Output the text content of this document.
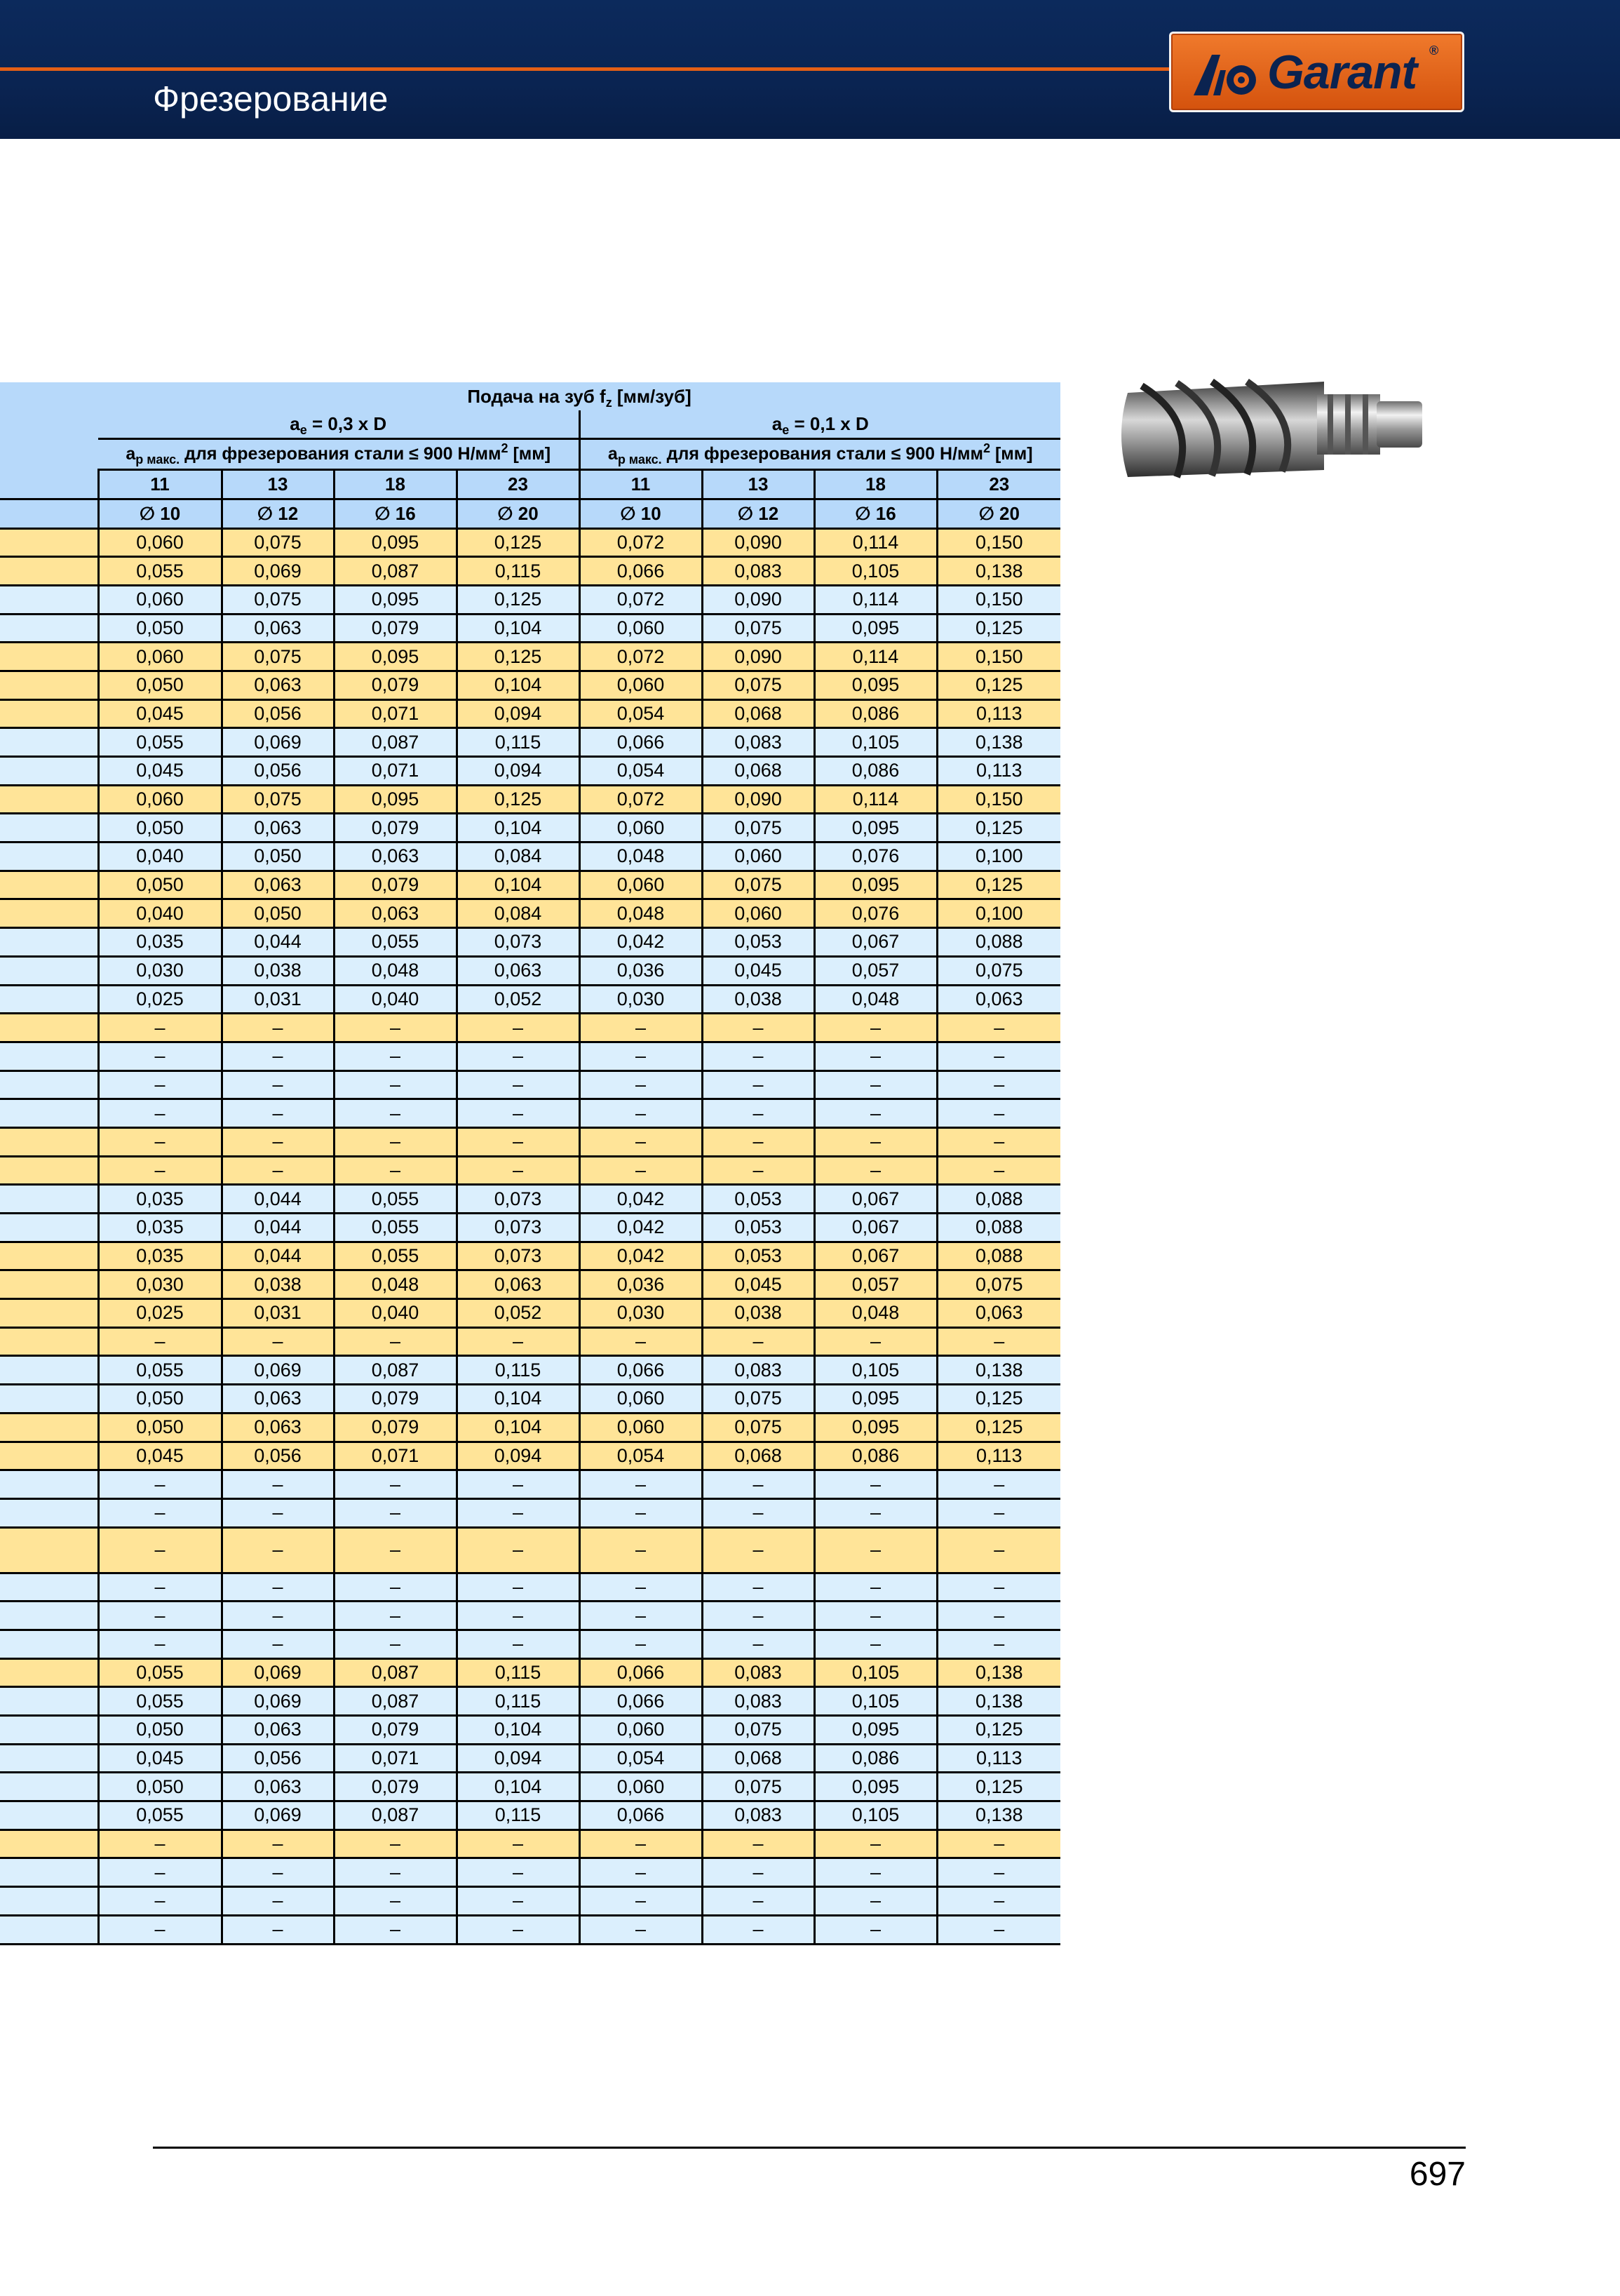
Фрезерование	Garant ®
	Подача на зуб $f_z$ [мм/зуб]							
	$a_e = 0,3$ x D				$a_e = 0,1$ x D			
	$a_{p макс.}$ для фрезерования стали ≤ 900 $Н/мм^2$ [мм]				$a_{p макс.}$ для фрезерования стали ≤ 900 $Н/мм^2$ [мм]			
	11	13	18	23	11	13	18	23
	∅ 10	∅ 12	∅ 16	∅ 20	∅ 10	∅ 12	∅ 16	∅ 20
	0,060	0,075	0,095	0,125	0,072	0,090	0,114	0,150
	0,055	0,069	0,087	0,115	0,066	0,083	0,105	0,138
	0,060	0,075	0,095	0,125	0,072	0,090	0,114	0,150
	0,050	0,063	0,079	0,104	0,060	0,075	0,095	0,125
	0,060	0,075	0,095	0,125	0,072	0,090	0,114	0,150
	0,050	0,063	0,079	0,104	0,060	0,075	0,095	0,125
	0,045	0,056	0,071	0,094	0,054	0,068	0,086	0,113
	0,055	0,069	0,087	0,115	0,066	0,083	0,105	0,138
	0,045	0,056	0,071	0,094	0,054	0,068	0,086	0,113
	0,060	0,075	0,095	0,125	0,072	0,090	0,114	0,150
	0,050	0,063	0,079	0,104	0,060	0,075	0,095	0,125
	0,040	0,050	0,063	0,084	0,048	0,060	0,076	0,100
	0,050	0,063	0,079	0,104	0,060	0,075	0,095	0,125
	0,040	0,050	0,063	0,084	0,048	0,060	0,076	0,100
	0,035	0,044	0,055	0,073	0,042	0,053	0,067	0,088
	0,030	0,038	0,048	0,063	0,036	0,045	0,057	0,075
	0,025	0,031	0,040	0,052	0,030	0,038	0,048	0,063
	–	–	–	–	–	–	–	–
	–	–	–	–	–	–	–	–
	–	–	–	–	–	–	–	–
	–	–	–	–	–	–	–	–
	–	–	–	–	–	–	–	–
	–	–	–	–	–	–	–	–
	0,035	0,044	0,055	0,073	0,042	0,053	0,067	0,088
	0,035	0,044	0,055	0,073	0,042	0,053	0,067	0,088
	0,035	0,044	0,055	0,073	0,042	0,053	0,067	0,088
	0,030	0,038	0,048	0,063	0,036	0,045	0,057	0,075
	0,025	0,031	0,040	0,052	0,030	0,038	0,048	0,063
	–	–	–	–	–	–	–	–
	0,055	0,069	0,087	0,115	0,066	0,083	0,105	0,138
	0,050	0,063	0,079	0,104	0,060	0,075	0,095	0,125
	0,050	0,063	0,079	0,104	0,060	0,075	0,095	0,125
	0,045	0,056	0,071	0,094	0,054	0,068	0,086	0,113
	–	–	–	–	–	–	–	–
	–	–	–	–	–	–	–	–
	–	–	–	–	–	–	–	–
	–	–	–	–	–	–	–	–
	–	–	–	–	–	–	–	–
	–	–	–	–	–	–	–	–
	0,055	0,069	0,087	0,115	0,066	0,083	0,105	0,138
	0,055	0,069	0,087	0,115	0,066	0,083	0,105	0,138
	0,050	0,063	0,079	0,104	0,060	0,075	0,095	0,125
	0,045	0,056	0,071	0,094	0,054	0,068	0,086	0,113
	0,050	0,063	0,079	0,104	0,060	0,075	0,095	0,125
	0,055	0,069	0,087	0,115	0,066	0,083	0,105	0,138
	–	–	–	–	–	–	–	–
	–	–	–	–	–	–	–	–
	–	–	–	–	–	–	–	–
	–	–	–	–	–	–	–	–
697
